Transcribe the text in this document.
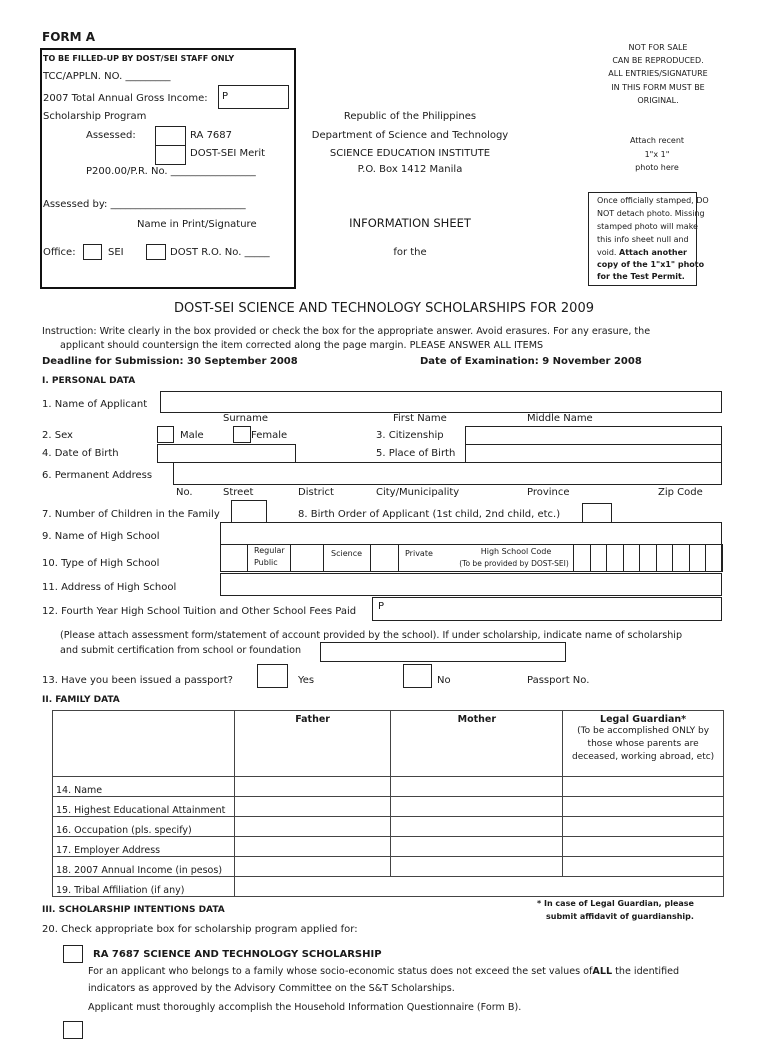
FORM A
TO BE FILLED-UP BY DOST/SEI STAFF ONLY
TCC/APPLN. NO. _________
2007 Total Annual Gross Income: P
Scholarship Program
Assessed:	RA 7687
DOST-SEI Merit
P200.00/P.R. No. _________________
Assessed by: ___________________________
Name in Print/Signature
Office:	SEI	DOST R.O. No. _____
Republic of the Philippines
Department of Science and Technology
SCIENCE EDUCATION INSTITUTE
P.O. Box 1412 Manila
INFORMATION SHEET
for the
NOT FOR SALE
CAN BE REPRODUCED.
ALL ENTRIES/SIGNATURE
IN THIS FORM MUST BE
ORIGINAL.
Attach recent
1"x 1"
photo here
Once officially stamped, DO
NOT detach photo. Missing
stamped photo will make
this info sheet null and
void. Attach another
copy of the 1"x1" photo
for the Test Permit.
DOST-SEI SCIENCE AND TECHNOLOGY SCHOLARSHIPS FOR 2009
Instruction: Write clearly in the box provided or check the box for the appropriate answer. Avoid erasures. For any erasure, the
applicant should countersign the item corrected along the page margin. PLEASE ANSWER ALL ITEMS
Deadline for Submission: 30 September 2008	Date of Examination: 9 November 2008
I. PERSONAL DATA
1. Name of Applicant
Surname	First Name	Middle Name
2. Sex	Male	Female	3. Citizenship
4. Date of Birth	5. Place of Birth
6. Permanent Address
No.	Street	District	City/Municipality	Province	Zip Code
7. Number of Children in the Family	8. Birth Order of Applicant (1st child, 2nd child, etc.)
9. Name of High School
10. Type of High School
Regular
Public
Science	Private	High School Code
(To be provided by DOST-SEI)
11. Address of High School
12. Fourth Year High School Tuition and Other School Fees Paid P
(Please attach assessment form/statement of account provided by the school). If under scholarship, indicate name of scholarship
and submit certification from school or foundation
13. Have you been issued a passport?	Yes	No	Passport No.
II. FAMILY DATA
	Father	Mother	Legal Guardian*
(To be accomplished ONLY by
those whose parents are
deceased, working abroad, etc)

14. Name			
15. Highest Educational Attainment			
16. Occupation (pls. specify)			
17. Employer Address			
18. 2007 Annual Income (in pesos)			
19. Tribal Affiliation (if any)			
* In case of Legal Guardian, please
submit affidavit of guardianship.
III. SCHOLARSHIP INTENTIONS DATA
20. Check appropriate box for scholarship program applied for:
RA 7687 SCIENCE AND TECHNOLOGY SCHOLARSHIP
For an applicant who belongs to a family whose socio-economic status does not exceed the set values ofALL the identified
indicators as approved by the Advisory Committee on the S&T Scholarships.
Applicant must thoroughly accomplish the Household Information Questionnaire (Form B).
